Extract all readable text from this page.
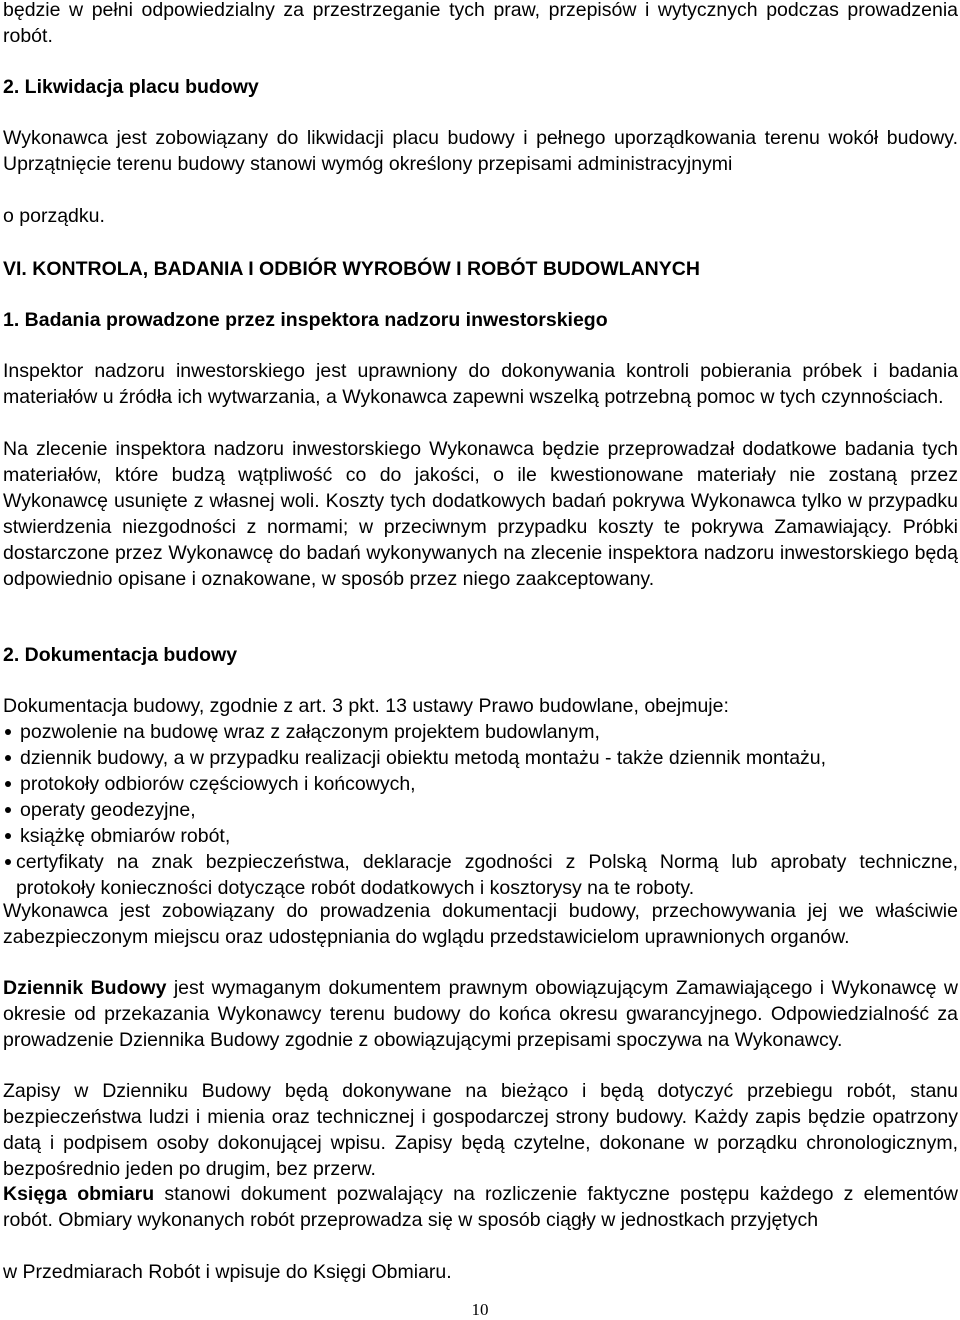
będzie w pełni odpowiedzialny za przestrzeganie tych praw, przepisów i wytycznych podczas prowadzenia robót.

2. Likwidacja placu budowy

Wykonawca jest zobowiązany do likwidacji placu budowy i pełnego uporządkowania terenu wokół budowy. Uprzątnięcie terenu budowy stanowi wymóg określony przepisami administracyjnymi

o porządku.

VI. KONTROLA, BADANIA I ODBIÓR WYROBÓW I ROBÓT BUDOWLANYCH

1. Badania prowadzone przez inspektora nadzoru inwestorskiego

Inspektor nadzoru inwestorskiego jest uprawniony do dokonywania kontroli pobierania próbek i badania materiałów u źródła ich wytwarzania, a Wykonawca zapewni wszelką potrzebną pomoc w tych czynnościach.

Na zlecenie inspektora nadzoru inwestorskiego Wykonawca będzie przeprowadzał dodatkowe badania tych materiałów, które budzą wątpliwość co do jakości, o ile kwestionowane materiały nie zostaną przez Wykonawcę usunięte z własnej woli. Koszty tych dodatkowych badań pokrywa Wykonawca tylko w przypadku stwierdzenia niezgodności z normami; w przeciwnym przypadku koszty te pokrywa Zamawiający. Próbki dostarczone przez Wykonawcę do badań wykonywanych na zlecenie inspektora nadzoru inwestorskiego będą odpowiednio opisane i oznakowane, w sposób przez niego zaakceptowany.

2. Dokumentacja budowy

Dokumentacja budowy, zgodnie z art. 3 pkt. 13 ustawy Prawo budowlane, obejmuje:

pozwolenie na budowę wraz z załączonym projektem budowlanym,
dziennik budowy, a w przypadku realizacji obiektu metodą montażu - także dziennik montażu,
protokoły odbiorów częściowych i końcowych,
operaty geodezyjne,
książkę obmiarów robót,
certyfikaty na znak bezpieczeństwa, deklaracje zgodności z Polską Normą lub aprobaty techniczne, protokoły konieczności dotyczące robót dodatkowych i kosztorysy na te roboty.

Wykonawca jest zobowiązany do prowadzenia dokumentacji budowy, przechowywania jej we właściwie zabezpieczonym miejscu oraz udostępniania do wglądu przedstawicielom uprawnionych organów.

Dziennik Budowy jest wymaganym dokumentem prawnym obowiązującym Zamawiającego i Wykonawcę w okresie od przekazania Wykonawcy terenu budowy do końca okresu gwarancyjnego. Odpowiedzialność za prowadzenie Dziennika Budowy zgodnie z obowiązującymi przepisami spoczywa na Wykonawcy.

Zapisy w Dzienniku Budowy będą dokonywane na bieżąco i będą dotyczyć przebiegu robót, stanu bezpieczeństwa ludzi i mienia oraz technicznej i gospodarczej strony budowy. Każdy zapis będzie opatrzony datą i podpisem osoby dokonującej wpisu. Zapisy będą czytelne, dokonane w porządku chronologicznym, bezpośrednio jeden po drugim, bez przerw.

Księga obmiaru stanowi dokument pozwalający na rozliczenie faktyczne postępu każdego z elementów robót. Obmiary wykonanych robót przeprowadza się w sposób ciągły w jednostkach przyjętych

w Przedmiarach Robót i wpisuje do Księgi Obmiaru.

10
